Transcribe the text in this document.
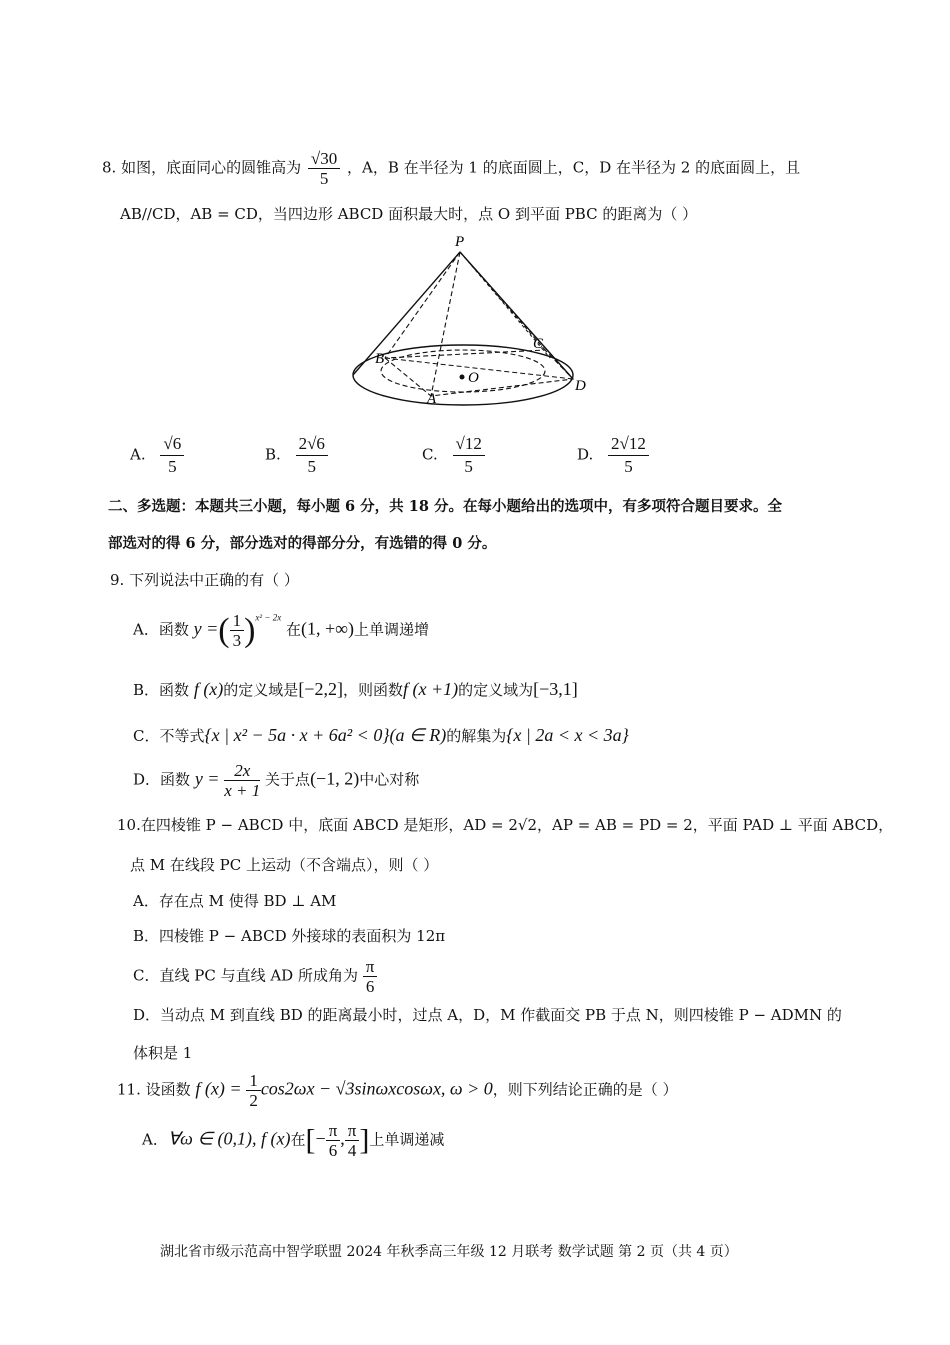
8. 如图，底面同心的圆锥高为 $\frac{√30}{5}$ ，A，B 在半径为 1 的底面圆上，C，D 在半径为 2 的底面圆上，且
AB//CD，AB = CD，当四边形 ABCD 面积最大时，点 O 到平面 PBC 的距离为（ ）
P
B
C
O
A
D
A. $\frac{√6}{5}$	B. $\frac{2√6}{5}$	C. $\frac{√12}{5}$	D. $\frac{2√12}{5}$
二、多选题：本题共三小题，每小题 6 分，共 18 分。在每小题给出的选项中，有多项符合题目要求。全
部选对的得 6 分，部分选对的得部分分，有选错的得 0 分。
9. 下列说法中正确的有（ ）
A．函数 y =( $\frac{1}{3} )^{x^2 - 2x}$ 在(1, +∞)上单调递增
B．函数 f (x)的定义域是[−2,2]，则函数f (x +1)的定义域为[−3,1]
C．不等式{x | x² − 5a · x + 6a² < 0}(a ∈ R)的解集为{x | 2a < x < 3a}
D．函数 $y = \frac{2x}{x + 1}$ 关于点(−1, 2)中心对称
10.在四棱锥 P − ABCD 中，底面 ABCD 是矩形，AD = 2√2，AP = AB = PD = 2，平面 PAD ⊥ 平面 ABCD，
点 M 在线段 PC 上运动（不含端点），则（ ）
A．存在点 M 使得 BD ⊥ AM
B．四棱锥 P − ABCD 外接球的表面积为 12π
C．直线 PC 与直线 AD 所成角为 $\frac{\pi}{6}$
D．当动点 M 到直线 BD 的距离最小时，过点 A，D，M 作截面交 PB 于点 N，则四棱锥 P − ADMN 的
体积是 1
11. 设函数 f $(x) = \frac{1}{2} \cos 2\omega x - √3\sin\omega xcos\omega x$, ω > 0，则下列结论正确的是（ ）
A．∀ω ∈ (0,1), f (x)在[− $\frac{\pi}{6}$ , $\frac{\pi}{4}$ ]上单调递减
湖北省市级示范高中智学联盟 2024 年秋季高三年级 12 月联考 数学试题 第 2 页（共 4 页）
